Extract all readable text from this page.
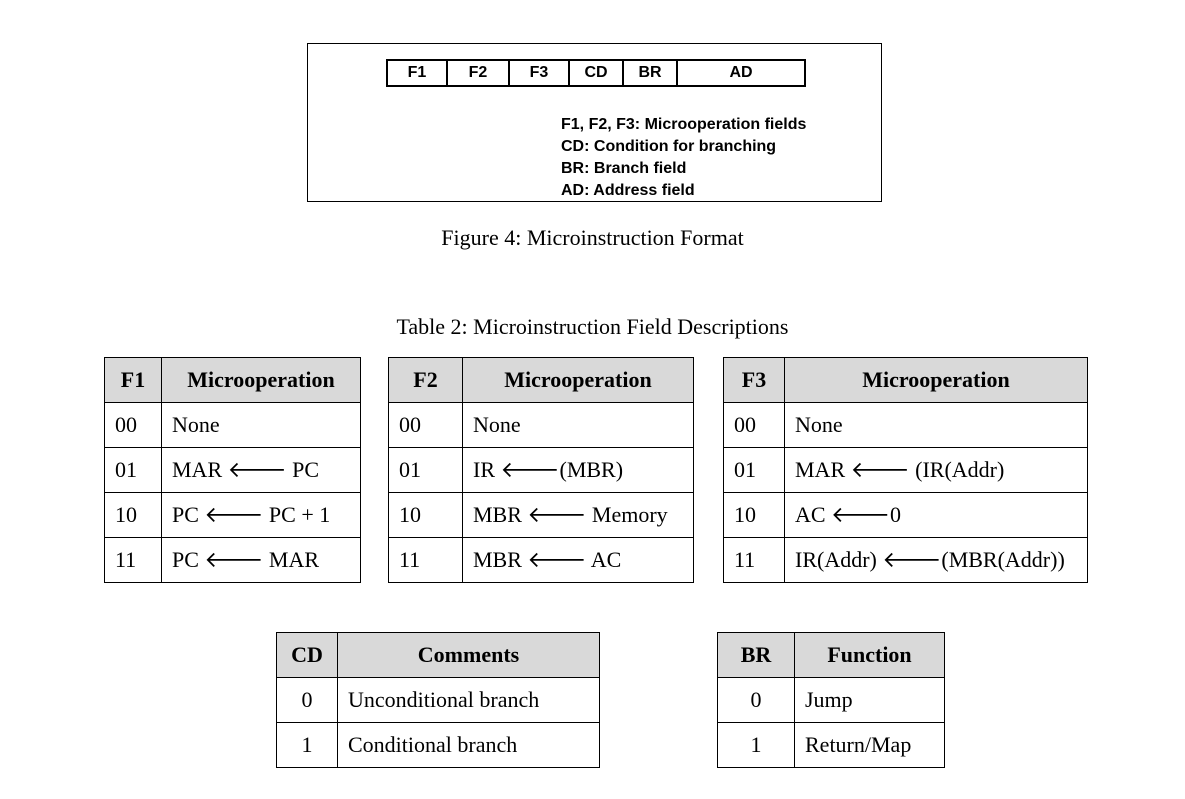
F1	F2	F3	CD	BR	AD
F1, F2, F3: Microoperation fields
CD: Condition for branching
BR: Branch field
AD: Address field
Figure 4: Microinstruction Format
Table 2: Microinstruction Field Descriptions
F1	Microoperation
00	None
01	MAR 🡐 PC
10	PC 🡐 PC + 1
11	PC 🡐 MAR
F2	Microoperation
00	None
01	IR 🡐(MBR)
10	MBR 🡐 Memory
11	MBR 🡐 AC
F3	Microoperation
00	None
01	MAR 🡐 (IR(Addr)
10	AC 🡐0
11	IR(Addr) 🡐(MBR(Addr))
CD	Comments
0	Unconditional branch
1	Conditional branch
BR	Function
0	Jump
1	Return/Map
